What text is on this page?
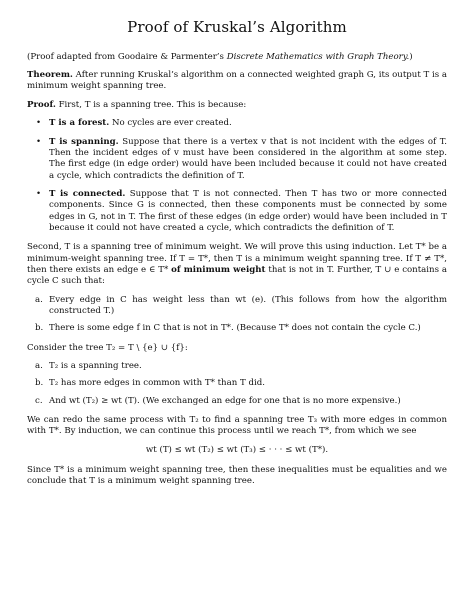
Proof of Kruskal’s Algorithm

(Proof adapted from Goodaire & Parmenter’s Discrete Mathematics with Graph Theory.)

Theorem. After running Kruskal’s algorithm on a connected weighted graph G, its output T is a minimum weight spanning tree.

Proof. First, T is a spanning tree. This is because:

• T is a forest. No cycles are ever created.
• T is spanning. Suppose that there is a vertex v that is not incident with the edges of T. Then the incident edges of v must have been considered in the algorithm at some step. The first edge (in edge order) would have been included because it could not have created a cycle, which contradicts the definition of T.
• T is connected. Suppose that T is not connected. Then T has two or more connected components. Since G is connected, then these components must be connected by some edges in G, not in T. The first of these edges (in edge order) would have been included in T because it could not have created a cycle, which contradicts the definition of T.

Second, T is a spanning tree of minimum weight. We will prove this using induction. Let T* be a minimum-weight spanning tree. If T = T*, then T is a minimum weight spanning tree. If T ≠ T*, then there exists an edge e ∈ T* of minimum weight that is not in T. Further, T ∪ e contains a cycle C such that:

a. Every edge in C has weight less than wt (e). (This follows from how the algorithm constructed T.)
b. There is some edge f in C that is not in T*. (Because T* does not contain the cycle C.)

Consider the tree T₂ = T \ {e} ∪ {f}:

a. T₂ is a spanning tree.
b. T₂ has more edges in common with T* than T did.
c. And wt (T₂) ≥ wt (T). (We exchanged an edge for one that is no more expensive.)

We can redo the same process with T₂ to find a spanning tree T₃ with more edges in common with T*. By induction, we can continue this process until we reach T*, from which we see

wt (T) ≤ wt (T₂) ≤ wt (T₃) ≤ · · · ≤ wt (T*).

Since T* is a minimum weight spanning tree, then these inequalities must be equalities and we conclude that T is a minimum weight spanning tree.
